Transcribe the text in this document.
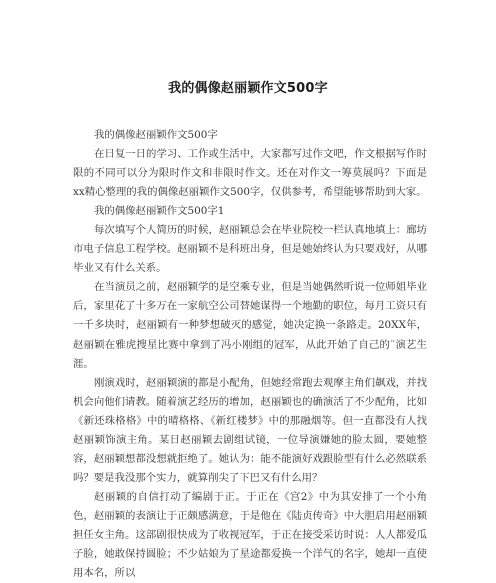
我的偶像赵丽颖作文500字

我的偶像赵丽颖作文500字

在日复一日的学习、工作或生活中，大家都写过作文吧，作文根据写作时限的不同可以分为限时作文和非限时作文。还在对作文一筹莫展吗？下面是xx精心整理的我的偶像赵丽颖作文500字，仅供参考，希望能够帮助到大家。

我的偶像赵丽颖作文500字1

每次填写个人简历的时候，赵丽颖总会在毕业院校一栏认真地填上：廊坊市电子信息工程学校。赵丽颖不是科班出身，但是她始终认为只要戏好，从哪毕业又有什么关系。

在当演员之前，赵丽颖学的是空乘专业，但是当她偶然听说一位师姐毕业后，家里花了十多万在一家航空公司替她谋得一个地勤的职位，每月工资只有一千多块时，赵丽颖有一种梦想破灭的感觉，她决定换一条路走。20XX年，赵丽颖在雅虎搜星比赛中拿到了冯小刚组的冠军，从此开始了自己的¨演艺生涯。

刚演戏时，赵丽颖演的都是小配角，但她经常跑去观摩主角们飙戏，并找机会向他们请教。随着演艺经历的增加，赵丽颖也的确演活了不少配角，比如《新还珠格格》中的晴格格、《新红楼梦》中的那融烟等。但一直都没有人找赵丽颖饰演主角。某日赵丽颖去剧组试镜，一位导演嫌她的脸太圆，要她整容，赵丽颖想都没想就拒绝了。她认为：能不能演好戏跟脸型有什么必然联系吗？要是我没那个实力，就算削尖了下巴又有什么用？

赵丽颖的自信打动了编剧于正。于正在《宫2》中为其安排了一个小角色，赵丽颖的表演让于正颇感满意，于是他在《陆贞传奇》中大胆启用赵丽颖担任女主角。这部剧很快成为了收视冠军，于正在接受采访时说：人人都爱瓜子脸，她敢保持圆脸；不少姑娘为了星途都爱换一个洋气的名字，她却一直使用本名，所以
